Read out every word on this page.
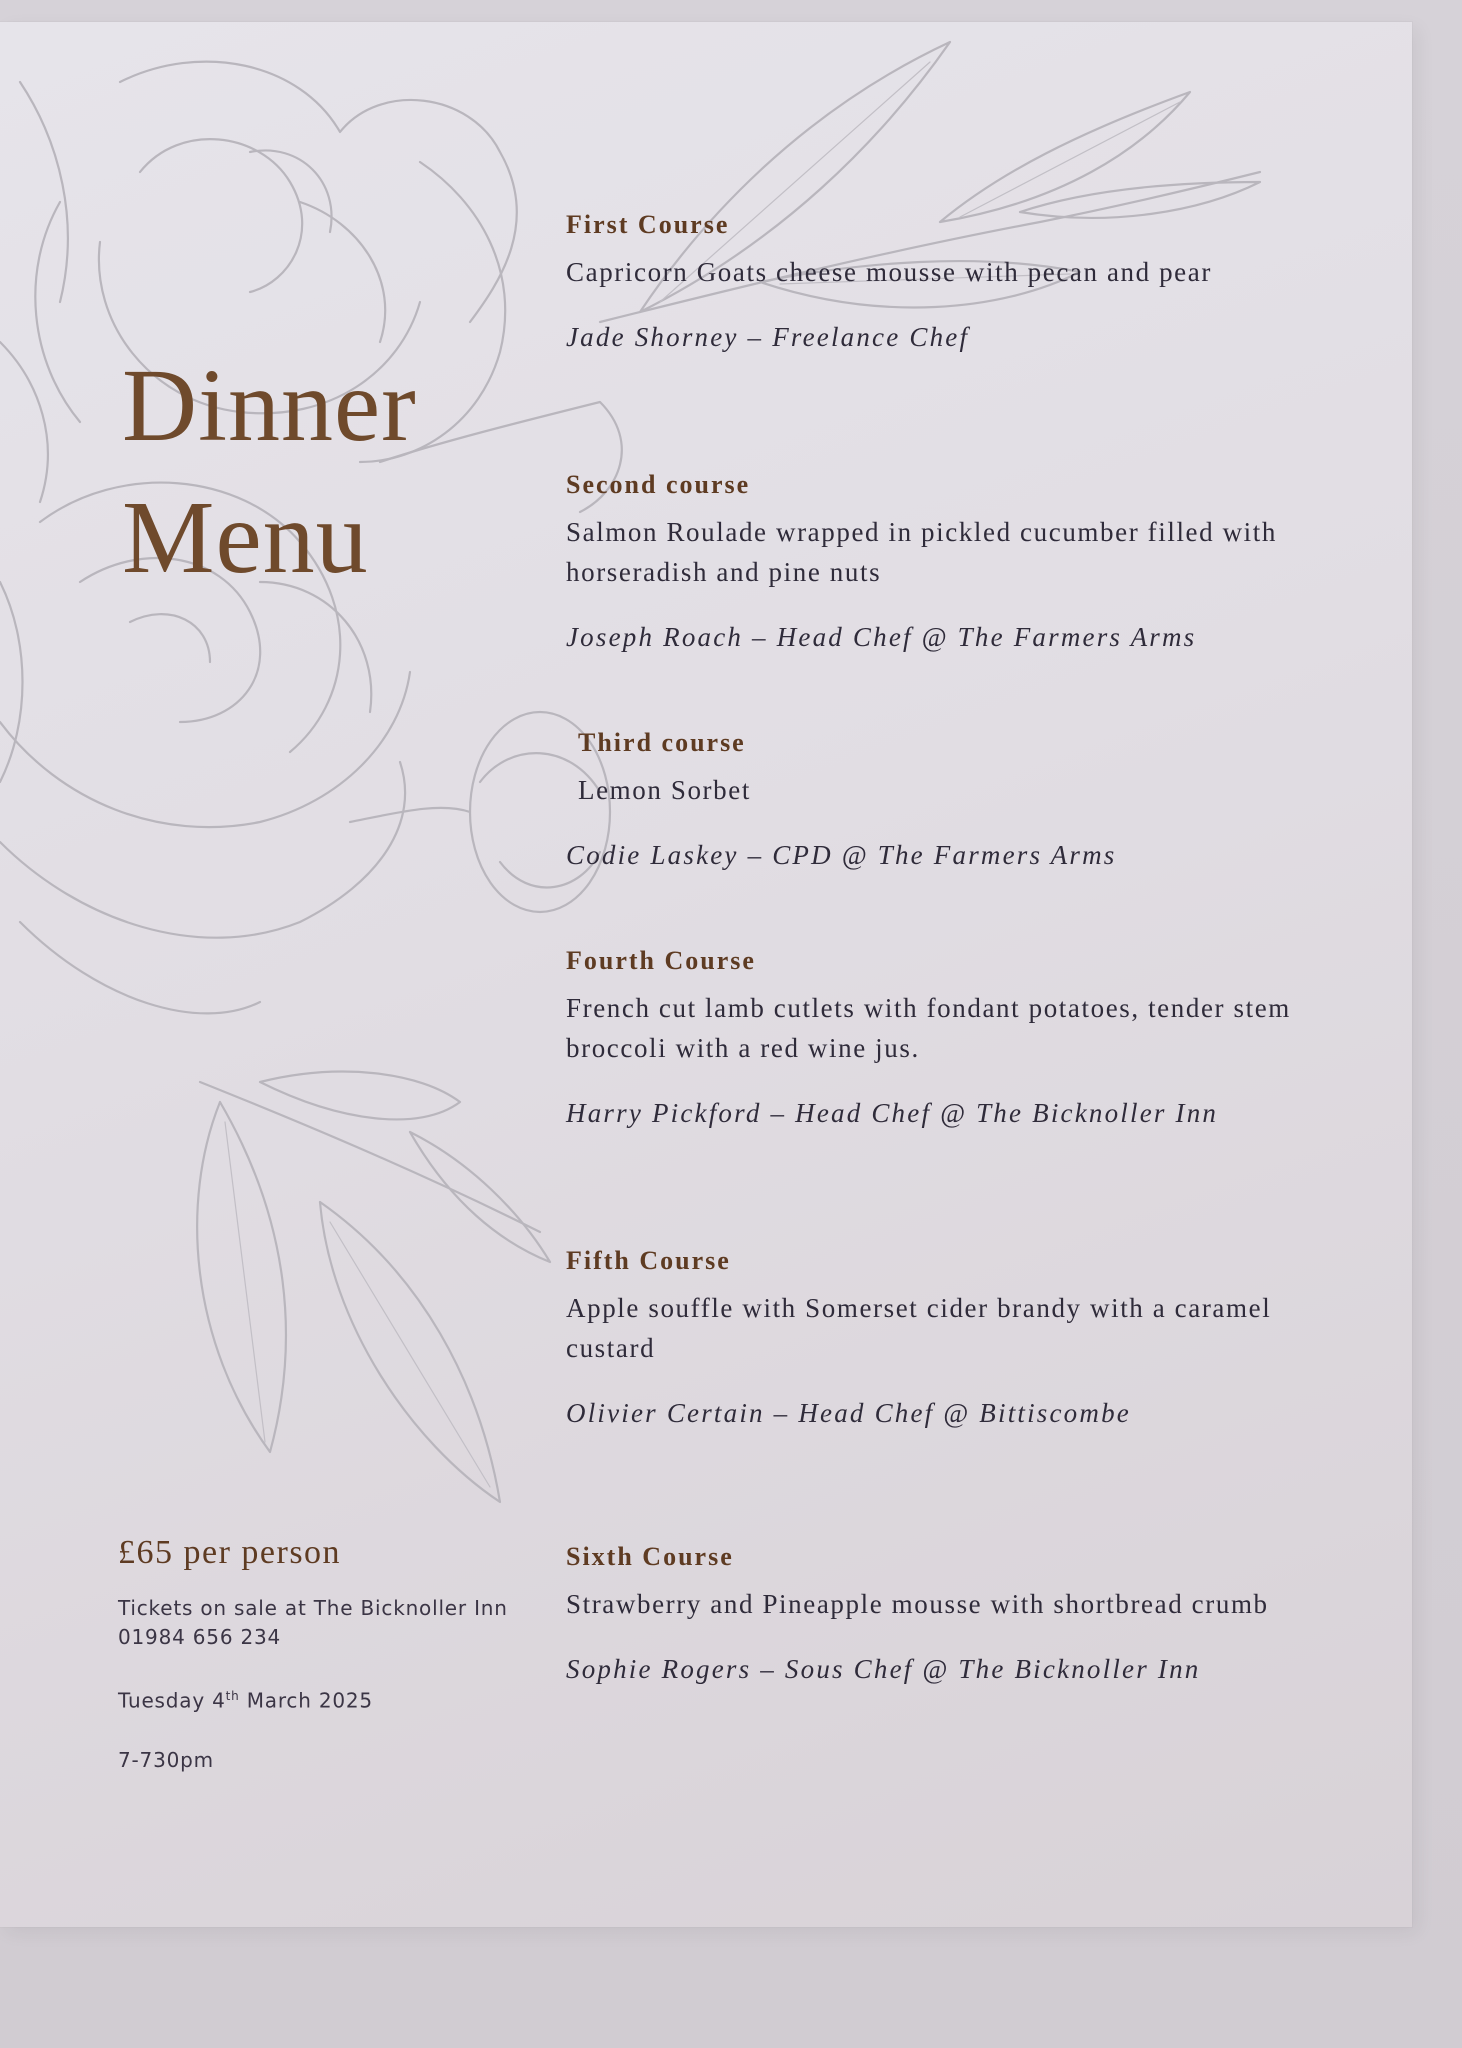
Dinner
Menu

First Course

Capricorn Goats cheese mousse with pecan and pear

Jade Shorney – Freelance Chef

Second course

Salmon Roulade wrapped in pickled cucumber filled with horseradish and pine nuts

Joseph Roach – Head Chef @ The Farmers Arms

Third course

Lemon Sorbet

Codie Laskey – CPD @ The Farmers Arms

Fourth Course

French cut lamb cutlets with fondant potatoes, tender stem broccoli with a red wine jus.

Harry Pickford – Head Chef @ The Bicknoller Inn

Fifth Course

Apple souffle with Somerset cider brandy with a caramel custard

Olivier Certain – Head Chef @ Bittiscombe

Sixth Course

Strawberry and Pineapple mousse with shortbread crumb

Sophie Rogers – Sous Chef @ The Bicknoller Inn

£65 per person

Tickets on sale at The Bicknoller Inn

01984 656 234

Tuesday 4th March 2025

7-730pm
